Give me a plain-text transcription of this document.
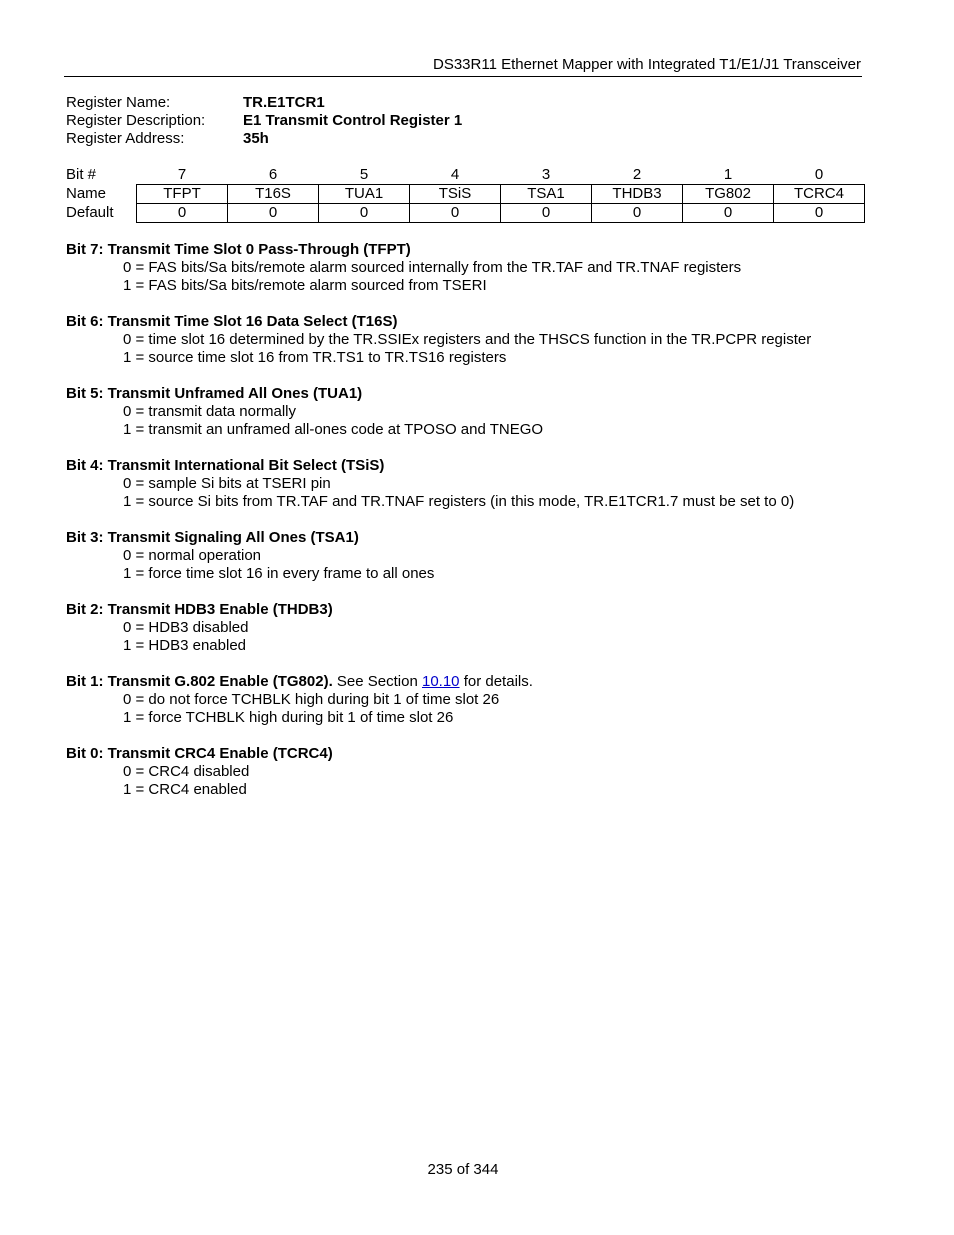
DS33R11 Ethernet Mapper with Integrated T1/E1/J1 Transceiver
Register Name:	TR.E1TCR1
Register Description:	E1 Transmit Control Register 1
Register Address:	35h
Bit #	7	6	5	4	3	2	1	0
Name	TFPT	T16S	TUA1	TSiS	TSA1	THDB3	TG802	TCRC4
Default	0	0	0	0	0	0	0	0
Bit 7: Transmit Time Slot 0 Pass-Through (TFPT)
0 = FAS bits/Sa bits/remote alarm sourced internally from the TR.TAF and TR.TNAF registers
1 = FAS bits/Sa bits/remote alarm sourced from TSERI
Bit 6: Transmit Time Slot 16 Data Select (T16S)
0 = time slot 16 determined by the TR.SSIEx registers and the THSCS function in the TR.PCPR register
1 = source time slot 16 from TR.TS1 to TR.TS16 registers
Bit 5: Transmit Unframed All Ones (TUA1)
0 = transmit data normally
1 = transmit an unframed all-ones code at TPOSO and TNEGO
Bit 4: Transmit International Bit Select (TSiS)
0 = sample Si bits at TSERI pin
1 = source Si bits from TR.TAF and TR.TNAF registers (in this mode, TR.E1TCR1.7 must be set to 0)
Bit 3: Transmit Signaling All Ones (TSA1)
0 = normal operation
1 = force time slot 16 in every frame to all ones
Bit 2: Transmit HDB3 Enable (THDB3)
0 = HDB3 disabled
1 = HDB3 enabled
Bit 1: Transmit G.802 Enable (TG802). See Section 10.10 for details.
0 = do not force TCHBLK high during bit 1 of time slot 26
1 = force TCHBLK high during bit 1 of time slot 26
Bit 0: Transmit CRC4 Enable (TCRC4)
0 = CRC4 disabled
1 = CRC4 enabled
235 of 344
